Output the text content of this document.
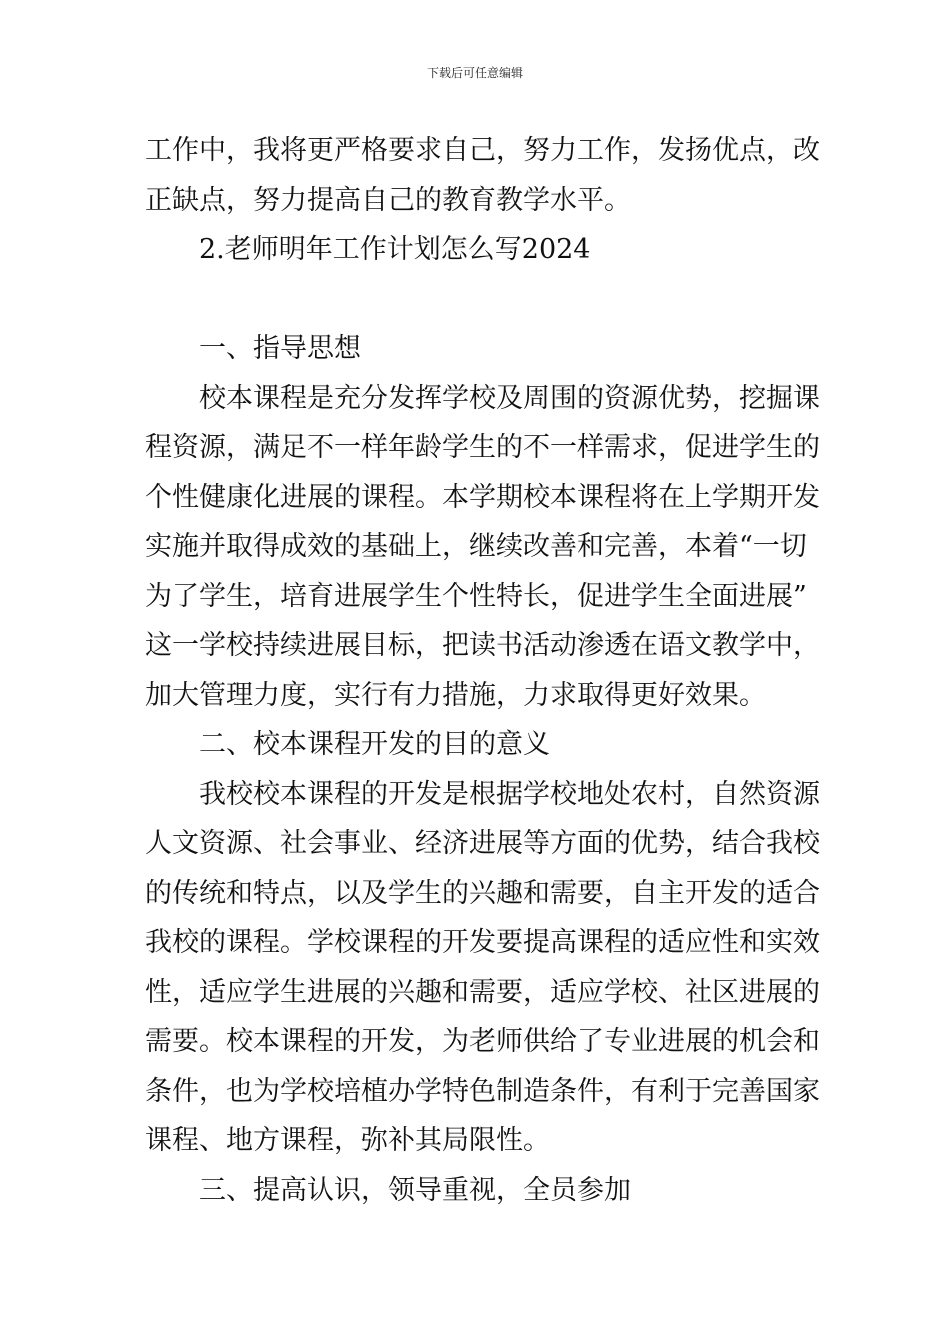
下载后可任意编辑
工作中，我将更严格要求自己，努力工作，发扬优点，改
正缺点，努力提高自己的教育教学水平。
2.老师明年工作计划怎么写2024
一、指导思想
校本课程是充分发挥学校及周围的资源优势，挖掘课
程资源，满足不一样年龄学生的不一样需求，促进学生的
个性健康化进展的课程。本学期校本课程将在上学期开发
实施并取得成效的基础上，继续改善和完善，本着“一切
为了学生，培育进展学生个性特长，促进学生全面进展”
这一学校持续进展目标，把读书活动渗透在语文教学中，
加大管理力度，实行有力措施，力求取得更好效果。
二、校本课程开发的目的意义
我校校本课程的开发是根据学校地处农村，自然资源
人文资源、社会事业、经济进展等方面的优势，结合我校
的传统和特点，以及学生的兴趣和需要，自主开发的适合
我校的课程。学校课程的开发要提高课程的适应性和实效
性，适应学生进展的兴趣和需要，适应学校、社区进展的
需要。校本课程的开发，为老师供给了专业进展的机会和
条件，也为学校培植办学特色制造条件，有利于完善国家
课程、地方课程，弥补其局限性。
三、提高认识，领导重视，全员参加
